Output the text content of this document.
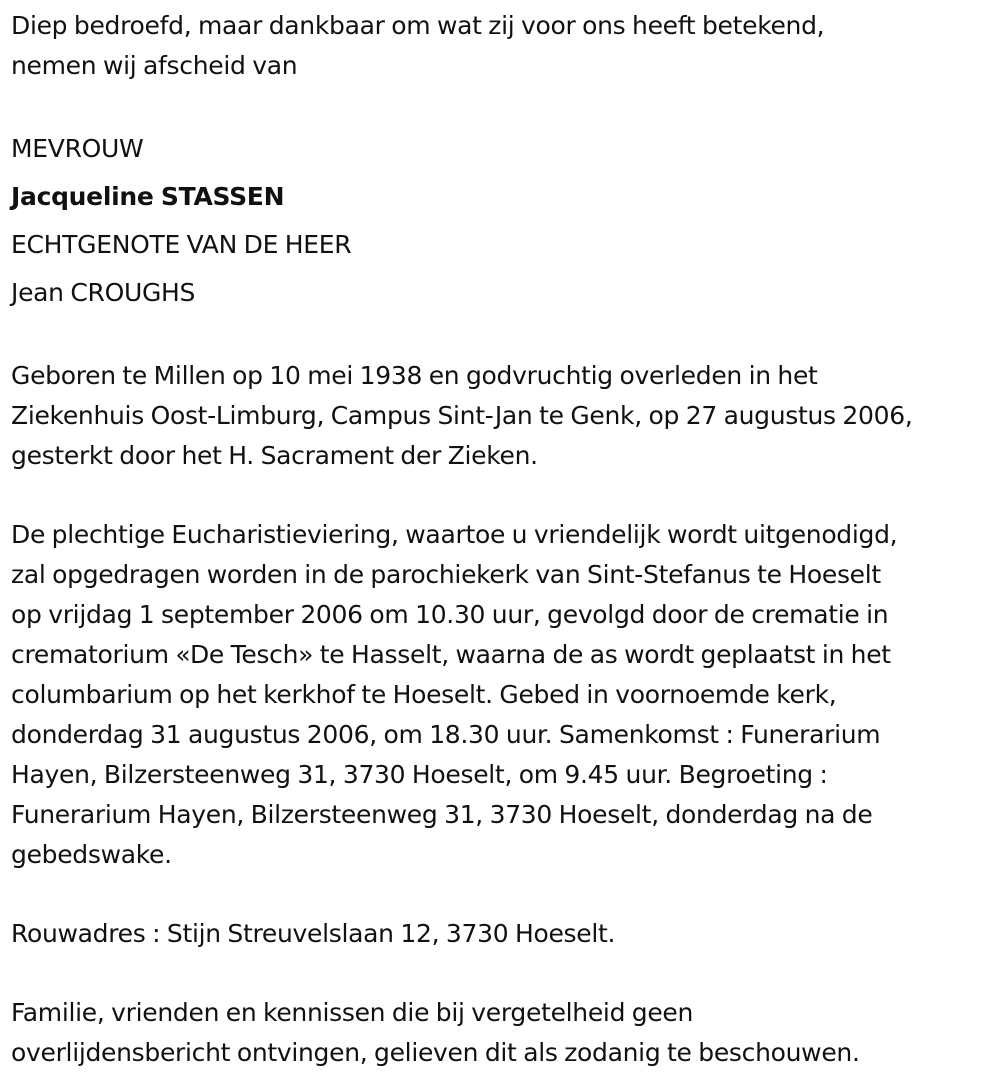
Diep bedroefd, maar dankbaar om wat zij voor ons heeft betekend,
nemen wij afscheid van
MEVROUW
Jacqueline STASSEN
ECHTGENOTE VAN DE HEER
Jean CROUGHS
Geboren te Millen op 10 mei 1938 en godvruchtig overleden in het
Ziekenhuis Oost-Limburg, Campus Sint-Jan te Genk, op 27 augustus 2006,
gesterkt door het H. Sacrament der Zieken.
De plechtige Eucharistieviering, waartoe u vriendelijk wordt uitgenodigd,
zal opgedragen worden in de parochiekerk van Sint-Stefanus te Hoeselt
op vrijdag 1 september 2006 om 10.30 uur, gevolgd door de crematie in
crematorium «De Tesch» te Hasselt, waarna de as wordt geplaatst in het
columbarium op het kerkhof te Hoeselt. Gebed in voornoemde kerk,
donderdag 31 augustus 2006, om 18.30 uur. Samenkomst : Funerarium
Hayen, Bilzersteenweg 31, 3730 Hoeselt, om 9.45 uur. Begroeting :
Funerarium Hayen, Bilzersteenweg 31, 3730 Hoeselt, donderdag na de
gebedswake.
Rouwadres : Stijn Streuvelslaan 12, 3730 Hoeselt.
Familie, vrienden en kennissen die bij vergetelheid geen
overlijdensbericht ontvingen, gelieven dit als zodanig te beschouwen.
